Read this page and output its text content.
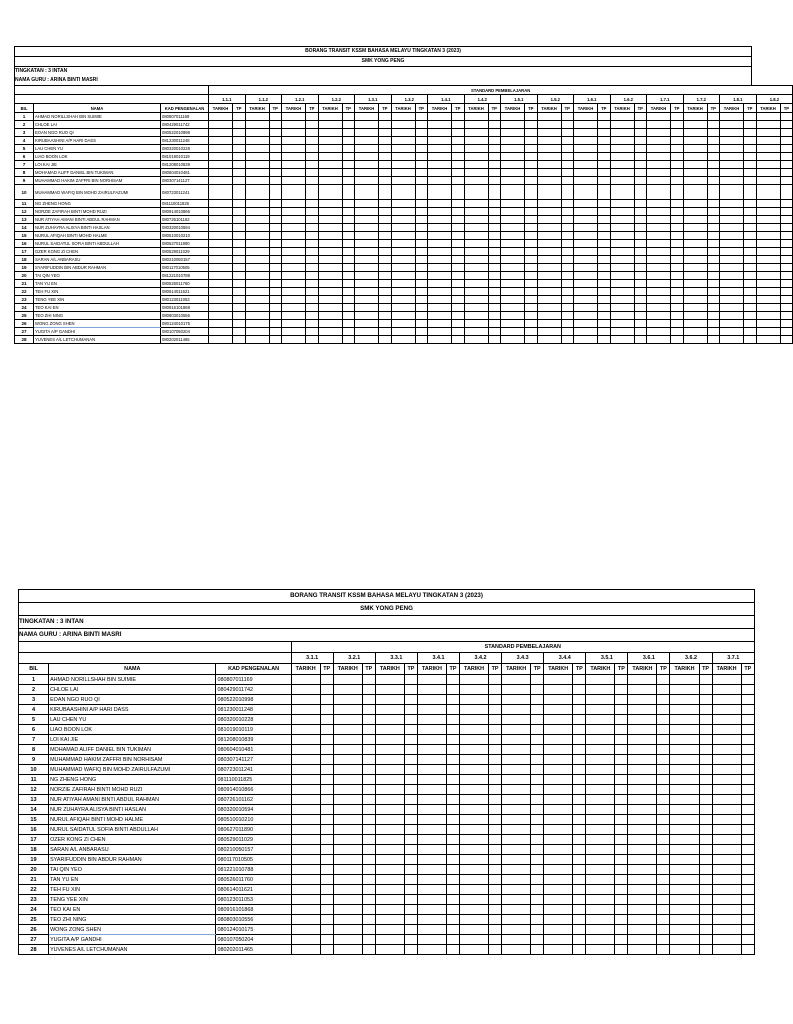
BORANG TRANSIT KSSM BAHASA MELAYU TINGKATAN 3 (2023)
SMK YONG PENG
TINGKATAN : 3 INTAN
NAMA GURU : ARINA BINTI MASRI
			STANDARD PEMBELAJARAN																															
			1.1.1		1.1.2		1.2.1		1.2.2		1.3.1		1.3.2		1.4.1		1.4.2		1.5.1		1.5.2		1.6.1		1.6.2		1.7.1		1.7.2		1.8.1		1.8.2	
BIL	NAMA	KAD PENGENALAN	TARIKH	TP	TARIKH	TP	TARIKH	TP	TARIKH	TP	TARIKH	TP	TARIKH	TP	TARIKH	TP	TARIKH	TP	TARIKH	TP	TARIKH	TP	TARIKH	TP	TARIKH	TP	TARIKH	TP	TARIKH	TP	TARIKH	TP	TARIKH	TP
1	AHMAD NORILLSHAH BIN SUIMIE	080807011169																																
2	CHLOE LAI	080429011742																																
3	EOAN NGO RUO QI	080522010998																																
4	KIRUBAASHINI A/P HARI DASS	081230011248																																
5	LAU CHEN YU	080320010228																																
6	LIAO BOON LOK	081019010119																																
7	LOI KAI JIE	081208010839																																
8	MOHAMAD ALIFF DANIEL BIN TUKIMAN	080604010481																																
9	MUHAMMAD HAKIM ZAFFRI BIN NORHISAM	080307141127																																
10	MUHAMMAD WAFIQ BIN MOHD ZAIRULFAZUMI	080723011241																																
11	NG ZHENG HONG	081110011825																																
12	NORZIE ZAFIRAH BINTI MOHD RUZI	080914010866																																
13	NUR ATIYAH AMANI BINTI ABDUL RAHMAN	080726101162																																
14	NUR ZUHAYRA ALISYA BINTI HASLAN	080320010594																																
15	NURUL AFIQAH BINTI MOHD HALME	080510010210																																
16	NURUL SAIDATUL SOFIA BINTI ABDULLAH	080627011890																																
17	OZER KONG ZI CHEN	080529011029																																
18	SARAN A/L ANBARASU	080210050157																																
19	SYARIFUDDIN BIN ABDUR RAHMAN	080117010505																																
20	TAI QIN YEO	081221010788																																
21	TAN YU EN	080526011760																																
22	TEH FU XIN	080614011621																																
23	TENG YEE XIN	080123011053																																
24	TEO KAI EN	080916101868																																
25	TEO ZHI NING	080803010556																																
26	WONG ZONG SHEN	080124010175																																
27	YUGITA A/P GANDHI	080107050204																																
28	YUVENES A/L LETCHUMANAN	080202011465																																
BORANG TRANSIT KSSM BAHASA MELAYU TINGKATAN 3 (2023)
SMK YONG PENG
TINGKATAN : 3 INTAN
NAMA GURU : ARINA BINTI MASRI
			STANDARD PEMBELAJARAN																					
			3.1.1		3.2.1		3.3.1		3.4.1		3.4.2		3.4.3		3.4.4		3.5.1		3.6.1		3.6.2		3.7.1	
BIL	NAMA	KAD PENGENALAN	TARIKH	TP	TARIKH	TP	TARIKH	TP	TARIKH	TP	TARIKH	TP	TARIKH	TP	TARIKH	TP	TARIKH	TP	TARIKH	TP	TARIKH	TP	TARIKH	TP
1	AHMAD NORILLSHAH BIN SUIMIE	080807011169																						
2	CHLOE LAI	080429011742																						
3	EOAN NGO RUO QI	080522010998																						
4	KIRUBAASHINI A/P HARI DASS	081230011248																						
5	LAU CHEN YU	080320010228																						
6	LIAO BOON LOK	081019010119																						
7	LOI KAI JIE	081208010839																						
8	MOHAMAD ALIFF DANIEL BIN TUKIMAN	080604010481																						
9	MUHAMMAD HAKIM ZAFFRI BIN NORHISAM	080307141127																						
10	MUHAMMAD WAFIQ BIN MOHD ZAIRULFAZUMI	080723011241																						
11	NG ZHENG HONG	081110011825																						
12	NORZIE ZAFIRAH BINTI MOHD RUZI	080914010866																						
13	NUR ATIYAH AMANI BINTI ABDUL RAHMAN	080726101162																						
14	NUR ZUHAYRA ALISYA BINTI HASLAN	080320010594																						
15	NURUL AFIQAH BINTI MOHD HALME	080510010210																						
16	NURUL SAIDATUL SOFIA BINTI ABDULLAH	080627011890																						
17	OZER KONG ZI CHEN	080529011029																						
18	SARAN A/L ANBARASU	080210050157																						
19	SYARIFUDDIN BIN ABDUR RAHMAN	080117010505																						
20	TAI QIN YEO	081221010788																						
21	TAN YU EN	080526011760																						
22	TEH FU XIN	080614011621																						
23	TENG YEE XIN	080123011053																						
24	TEO KAI EN	080916101868																						
25	TEO ZHI NING	080803010556																						
26	WONG ZONG SHEN	080124010175																						
27	YUGITA A/P GANDHI	080107050204																						
28	YUVENES A/L LETCHUMANAN	080202011465																						
